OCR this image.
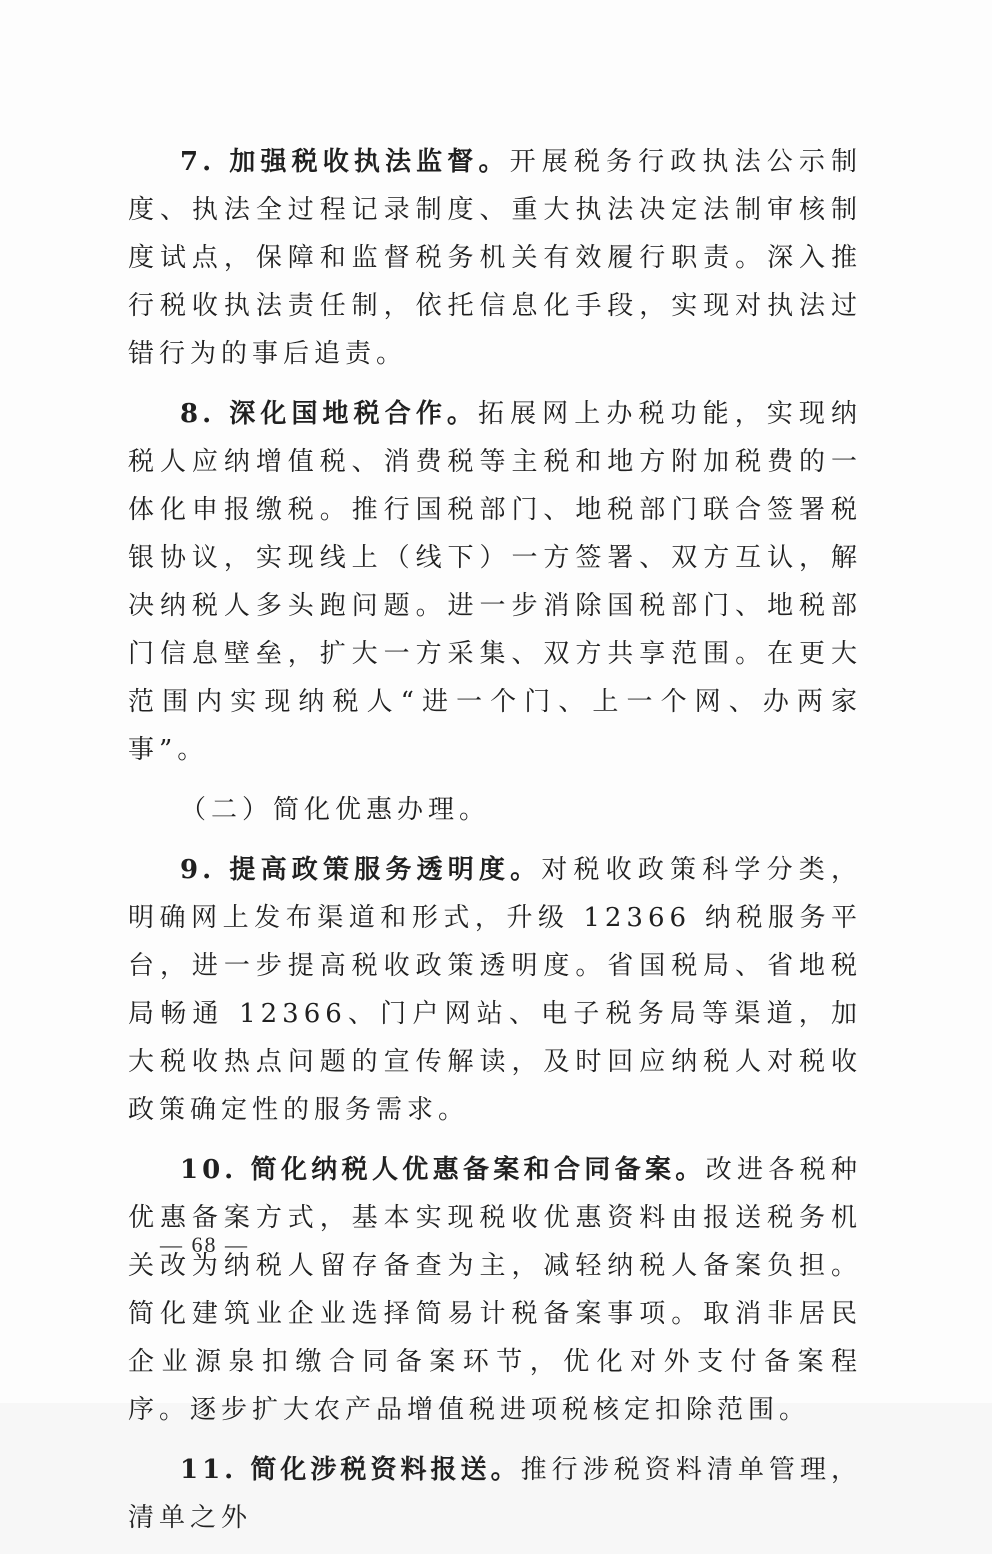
7. 加强税收执法监督。开展税务行政执法公示制度、执法全过程记录制度、重大执法决定法制审核制度试点，保障和监督税务机关有效履行职责。深入推行税收执法责任制，依托信息化手段，实现对执法过错行为的事后追责。

8. 深化国地税合作。拓展网上办税功能，实现纳税人应纳增值税、消费税等主税和地方附加税费的一体化申报缴税。推行国税部门、地税部门联合签署税银协议，实现线上（线下）一方签署、双方互认，解决纳税人多头跑问题。进一步消除国税部门、地税部门信息壁垒，扩大一方采集、双方共享范围。在更大范围内实现纳税人“进一个门、上一个网、办两家事”。

（二）简化优惠办理。

9. 提高政策服务透明度。对税收政策科学分类，明确网上发布渠道和形式，升级 12366 纳税服务平台，进一步提高税收政策透明度。省国税局、省地税局畅通 12366、门户网站、电子税务局等渠道，加大税收热点问题的宣传解读，及时回应纳税人对税收政策确定性的服务需求。

10. 简化纳税人优惠备案和合同备案。改进各税种优惠备案方式，基本实现税收优惠资料由报送税务机关改为纳税人留存备查为主，减轻纳税人备案负担。简化建筑业企业选择简易计税备案事项。取消非居民企业源泉扣缴合同备案环节，优化对外支付备案程序。逐步扩大农产品增值税进项税核定扣除范围。

11. 简化涉税资料报送。推行涉税资料清单管理，清单之外

— 68 —
